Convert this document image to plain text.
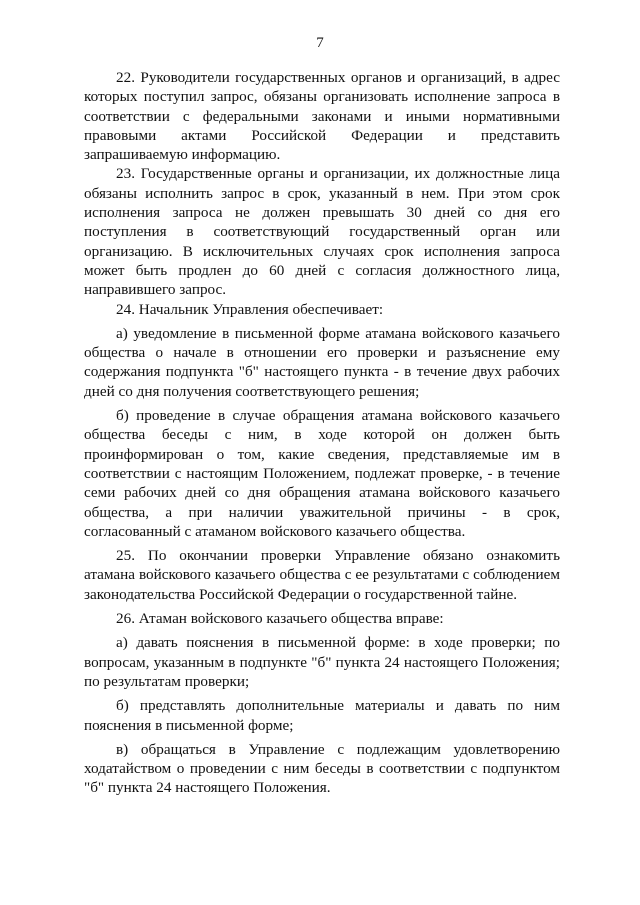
7

22. Руководители государственных органов и организаций, в адрес которых поступил запрос, обязаны организовать исполнение запроса в соответствии с федеральными законами и иными нормативными правовыми актами Российской Федерации и представить запрашиваемую информацию.

23. Государственные органы и организации, их должностные лица обязаны исполнить запрос в срок, указанный в нем. При этом срок исполнения запроса не должен превышать 30 дней со дня его поступления в соответствующий государственный орган или организацию. В исключительных случаях срок исполнения запроса может быть продлен до 60 дней с согласия должностного лица, направившего запрос.

24. Начальник Управления обеспечивает:

а) уведомление в письменной форме атамана войскового казачьего общества о начале в отношении его проверки и разъяснение ему содержания подпункта "б" настоящего пункта - в течение двух рабочих дней со дня получения соответствующего решения;

б) проведение в случае обращения атамана войскового казачьего общества беседы с ним, в ходе которой он должен быть проинформирован о том, какие сведения, представляемые им в соответствии с настоящим Положением, подлежат проверке, - в течение семи рабочих дней со дня обращения атамана войскового казачьего общества, а при наличии уважительной причины - в срок, согласованный с атаманом войскового казачьего общества.

25. По окончании проверки Управление обязано ознакомить атамана войскового казачьего общества с ее результатами с соблюдением законодательства Российской Федерации о государственной тайне.

26. Атаман войскового казачьего общества вправе:

а) давать пояснения в письменной форме: в ходе проверки; по вопросам, указанным в подпункте "б" пункта 24 настоящего Положения; по результатам проверки;

б) представлять дополнительные материалы и давать по ним пояснения в письменной форме;

в) обращаться в Управление с подлежащим удовлетворению ходатайством о проведении с ним беседы в соответствии с подпунктом "б" пункта 24 настоящего Положения.
